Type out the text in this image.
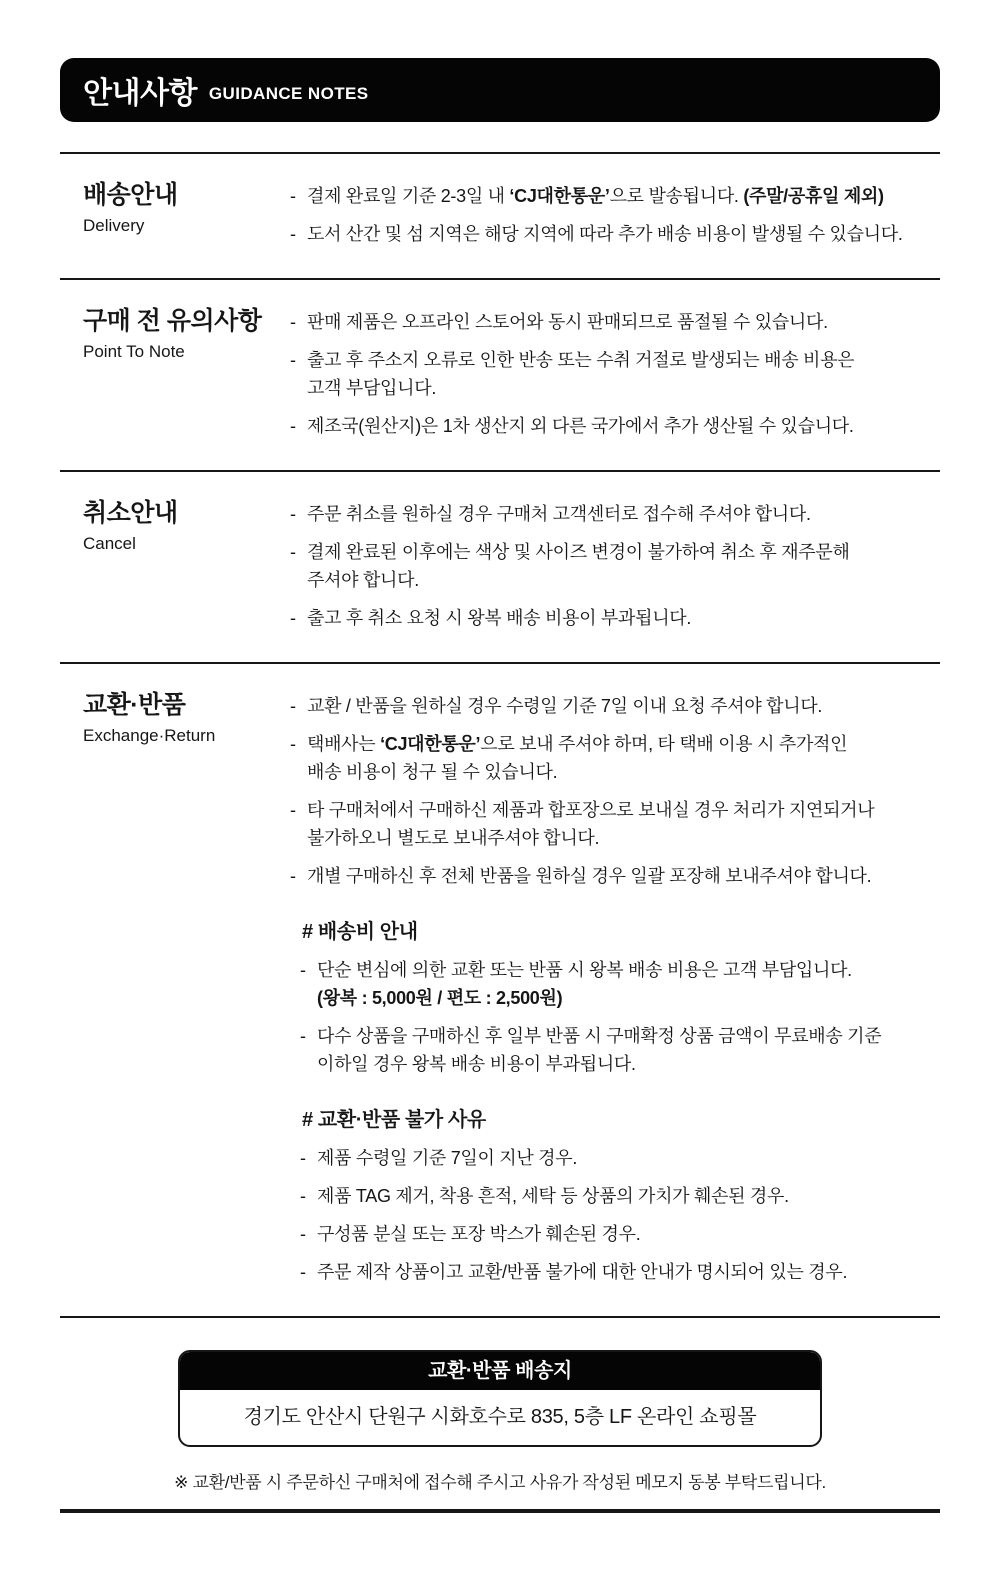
안내사항 GUIDANCE NOTES
배송안내
Delivery
- 결제 완료일 기준 2-3일 내 ‘CJ대한통운’으로 발송됩니다. (주말/공휴일 제외)
- 도서 산간 및 섬 지역은 해당 지역에 따라 추가 배송 비용이 발생될 수 있습니다.
구매 전 유의사항
Point To Note
- 판매 제품은 오프라인 스토어와 동시 판매되므로 품절될 수 있습니다.
- 출고 후 주소지 오류로 인한 반송 또는 수취 거절로 발생되는 배송 비용은
고객 부담입니다.
- 제조국(원산지)은 1차 생산지 외 다른 국가에서 추가 생산될 수 있습니다.
취소안내
Cancel
- 주문 취소를 원하실 경우 구매처 고객센터로 접수해 주셔야 합니다.
- 결제 완료된 이후에는 색상 및 사이즈 변경이 불가하여 취소 후 재주문해
주셔야 합니다.
- 출고 후 취소 요청 시 왕복 배송 비용이 부과됩니다.
교환·반품
Exchange·Return
- 교환 / 반품을 원하실 경우 수령일 기준 7일 이내 요청 주셔야 합니다.
- 택배사는 ‘CJ대한통운’으로 보내 주셔야 하며, 타 택배 이용 시 추가적인
배송 비용이 청구 될 수 있습니다.
- 타 구매처에서 구매하신 제품과 합포장으로 보내실 경우 처리가 지연되거나
불가하오니 별도로 보내주셔야 합니다.
- 개별 구매하신 후 전체 반품을 원하실 경우 일괄 포장해 보내주셔야 합니다.
# 배송비 안내
- 단순 변심에 의한 교환 또는 반품 시 왕복 배송 비용은 고객 부담입니다.
(왕복 : 5,000원 / 편도 : 2,500원)
- 다수 상품을 구매하신 후 일부 반품 시 구매확정 상품 금액이 무료배송 기준
이하일 경우 왕복 배송 비용이 부과됩니다.
# 교환·반품 불가 사유
- 제품 수령일 기준 7일이 지난 경우.
- 제품 TAG 제거, 착용 흔적, 세탁 등 상품의 가치가 훼손된 경우.
- 구성품 분실 또는 포장 박스가 훼손된 경우.
- 주문 제작 상품이고 교환/반품 불가에 대한 안내가 명시되어 있는 경우.
교환·반품 배송지
경기도 안산시 단원구 시화호수로 835, 5층 LF 온라인 쇼핑몰
※ 교환/반품 시 주문하신 구매처에 접수해 주시고 사유가 작성된 메모지 동봉 부탁드립니다.
